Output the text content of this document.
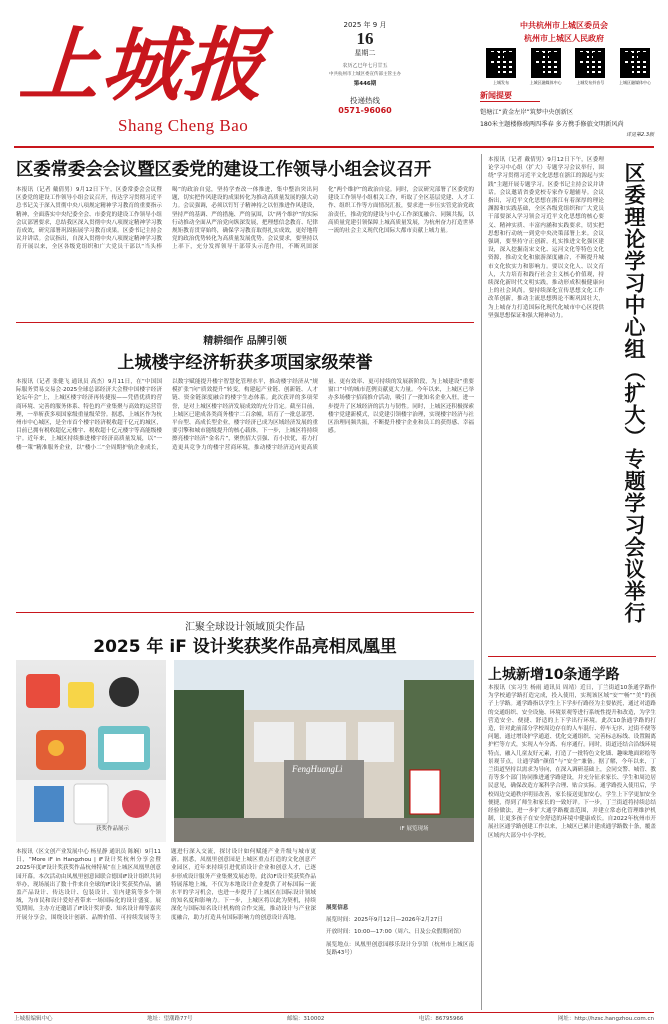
上城报
Shang Cheng Bao
2025 年 9 月
16
星期二
农历乙巳年七月廿五
中共杭州市上城区委宣传部主管主办
第446期
投递热线
0571-96060
中共杭州市上城区委员会
杭州市上城区人民政府
上城发布	上城区融媒体中心	上城发布抖音号	上城区融媒体中心
新闻提要
铠塘江“黄金左岸”筑梦中央创新区
180米主题楼修竣两四季春 多方携手修旅文明新风尚
详见第2.3版
区委常委会会议暨区委党的建设工作领导小组会议召开
本报讯（记者 戴倩男）9月12日下午，区委常委会会议暨区委党的建设工作领导小组会议召开，传达学习贯彻习近平总书记关于深入贯彻中央八项规定精神学习教育的重要指示精神，全面落实中央纪委全会、市委党的建设工作领导小组会议部署要求，总结我区深入贯彻中央八项规定精神学习教育成效，研究部署巩固拓展学习教育成果。区委书记主持会议并讲话。会议指出，自深入贯彻中央八项规定精神学习教育开展以来，全区各级党组织和广大党员干部以“当头棒喝”的政治自觉，坚持学查改一体推进，集中整治突出问题，切实把作风建设的成果转化为推动高质量发展的强大动力。会议强调，必须以钉钉子精神持之以恒推进作风建设，坚持严的基调、严的措施、严的氛围，以“两个维护”的实际行动推动全面从严治党向纵深发展，把理想信念教育、纪律规矩教育贯穿始终，确保学习教育取得扎实成效，更好地将党的政治优势转化为高质量发展优势。会议要求，要坚持以上率下，充分发挥领导干部带头示范作用，不断巩固深化“两个维护”的政治自觉。同时，会议研究部署了区委党的建设工作领导小组相关工作，听取了全区基层党建、人才工作、组织工作等方面情况汇报，要求进一步压实管党治党政治责任，推动党的建设与中心工作深度融合、同频共振，以高质量党建引领保障上城高质量发展，为杭州奋力打造世界一流的社会主义现代化国际大都市贡献上城力量。
精耕细作 品牌引领
上城楼宇经济斩获多项国家级荣誉
本报讯（记者 张健飞 通讯员 高杰）9月11日，在“中国国际服务贸易交易会·2025全球总部经济大会暨中国楼宇经济论坛年会”上，上城区楼宇经济再传捷报——凭借优质的营商环境、完善的服务体系、特色的产业集聚与高效的运营管理，一举斩获多项国家级重量级荣誉。据悉，上城区作为杭州市中心城区，是全市首个楼宇经济税收超千亿元的城区，目前已拥有税收超亿元楼宇、税收超十亿元楼宇等高能级楼宇。近年来，上城区持续推进楼宇经济高质量发展，以“一楼一策”精准服务企业，以“楼小二”全周期护航企业成长，以数字赋能提升楼宇智慧化管理水平，推动楼宇经济从“规模扩张”向“质效提升”转变，构建起产业链、创新链、人才链、资金链深度融合的楼宇生态体系。此次获评的多项荣誉，是对上城区楼宇经济发展成效的充分肯定。截至目前，上城区已建成各类商务楼宇二百余幢，培育了一批总部型、平台型、高成长型企业，楼宇经济已成为区域经济发展的重要引擎和城市能级提升的核心载体。下一步，上城区将持续擦亮楼宇经济“金名片”，聚焦招大引强、育小扶优，着力打造更具竞争力的楼宇营商环境，推动楼宇经济迈向更高质量、更有效率、更可持续的发展新阶段，为上城建设“重要窗口”中的城市范例贡献更大力量。今年以来，上城区已举办多场楼宇招商推介活动，吸引了一批知名企业入驻，进一步提升了区域经济的活力与韧性。同时，上城区还积极探索楼宇党建新模式，以党建引领楼宇治理，实现楼宇经济与社区治理同频共振，不断提升楼宇企业和员工的获得感、幸福感。
汇聚全球设计领域顶尖作品
2025 年 iF 设计奖获奖作品亮相凤凰里
获奖作品展示
FengHuangLi
iF 展览现场
本报讯（区文创产业发展中心 杨星静 通讯员 陈娴）9月11日，“More iF in Hangzhou | iF设计奖杭州分享会暨2025年度iF设计奖获奖作品杭州特展”在上城区凤凰里创意园开幕。本次活动由凤凰里创意园联合德国iF设计组织共同举办，现场展出了数十件来自全球的iF设计奖获奖作品，涵盖产品设计、传达设计、包装设计、室内建筑等多个领域，为市民和设计爱好者带来一场国际化的设计盛宴。展览期间，主办方还邀请了iF设计奖评委、知名设计师等嘉宾开展分享会，围绕设计创新、品牌价值、可持续发展等主题进行深入交流，探讨设计如何赋能产业升级与城市更新。据悉，凤凰里创意园是上城区重点打造的文化创意产业园区，近年来持续引进优质设计企业和创意人才，已逐步形成设计服务产业集聚发展态势。此次iF设计奖获奖作品特展落地上城，不仅为本地设计企业提供了对标国际一流水平的学习机会，也进一步提升了上城区在国际设计领域的知名度和影响力。下一步，上城区将以此为契机，持续深化与国际知名设计机构的合作交流，推动设计与产业深度融合，助力打造具有国际影响力的创意设计高地。
展览信息
展览时间：2025年9月12日—2026年2月27日
开放时间：10:00—17:00（周六、日及公众假期闭馆）
展览地点：凤凰里创意园移乐设计分享馆（杭州市上城区南复路43号）
本报讯（记者 戴倩男）9月12日下午，区委理论学习中心组（扩大）专题学习会议举行，围绕“学习贯彻习近平文化思想在浙江的源起与实践”主题开展专题学习。区委书记主持会议并讲话。会议邀请省委党校专家作专题辅导。会议指出，习近平文化思想在浙江有着深厚的理论渊源和实践基础，全区各级党组织和广大党员干部要深入学习领会习近平文化思想的核心要义、精神实质、丰富内涵和实践要求，切实把思想和行动统一到党中央决策部署上来。会议强调，要坚持守正创新，扎实推进文化强区建设，深入挖掘南宋文化、运河文化等特色文化资源，推动文化和旅游深度融合，不断提升城市文化软实力和影响力。要以文化人、以文育人，大力培育和践行社会主义核心价值观，持续深化新时代文明实践，推动形成积极健康向上的社会风尚。要持续深化宣传思想文化工作改革创新，推动主流思想舆论不断巩固壮大，为上城奋力打造国际化现代化城市中心区提供坚强思想保证和强大精神动力。	区委理论学习中心组（扩大）专题学习会议举行
上城新增10条通学路
本报讯（实习生 杨雨 通讯员 周靖）近日，丁兰街道10条通学路作为学校通学路打造完成，投入使用，实现该区域“安”“畅”“美”的孩子上学路。通学路指以学生上下学步行路径为主要依托，通过对道路的交通组织、安全设施、环境景观等进行系统性提升和改造，为学生营造安全、便捷、舒适的上下学出行环境。此次10条通学路的打造，针对此前部分学校周边存在的人车混行、停车无序、过街不便等问题，通过增设护学通道、优化交通组织、完善标志标线、设置隔离护栏等方式，实现人车分离、有序通行。同时，街道还结合沿线环境特点，融入儿童友好元素，打造了一批特色文化墙、趣味地面彩绘等景观节点，让通学路“颜值”与“安全”兼备。据了解，今年以来，丁兰街道坚持以需求为导向，在深入调研基础上，会同交警、城管、教育等多个部门协同推进通学路建设，并充分征求家长、学生和周边居民意见，确保改造方案科学合理、贴合实际。通学路投入使用后，学校周边交通秩序明显改善，家长接送更加安心，学生上下学更加安全便捷，得到了师生和家长的一致好评。下一步，丁兰街道将持续总结经验做法，进一步扩大通学路覆盖范围，并建立常态化管理维护机制，让更多孩子在安全舒适的环境中健康成长。自2022年杭州市开展社区通学路创建工作以来，上城区已累计建成通学路数十条，覆盖区域内大部分中小学校。
上城报编辑中心	地址：望潮路77号	邮编：310002	电话：86795966	网址：http://hzsc.hangzhou.com.cn
